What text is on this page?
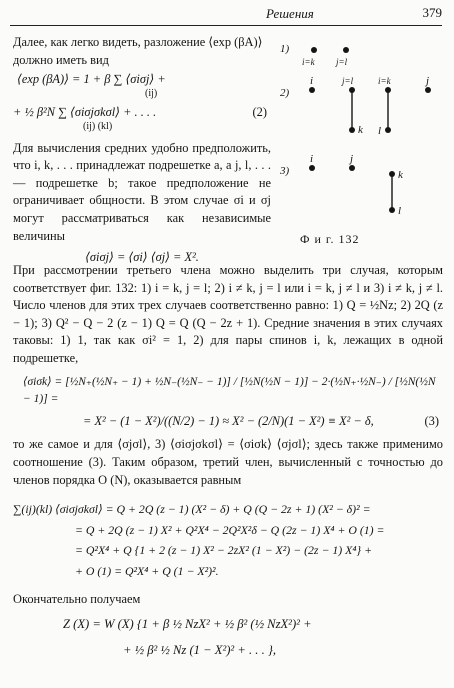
Решения	379

Далее, как легко видеть, разложение ⟨exp (βA)⟩ должно иметь вид

⟨exp (βA)⟩ = 1 + β ∑ ⟨σiσj⟩ +
(ij)
+ ½ β²N ∑ ⟨σiσjσkσl⟩ + . . . .	(2)
(ij) (kl)

Для вычисления средних удобно предположить, что i, k, . . . принадлежат подрешетке a, a j, l, . . . — подрешетке b; такое предположение не ограничивает общности. В этом случае σi и σj могут рассматриваться как независимые величины

⟨σiσj⟩ = ⟨σi⟩ ⟨σj⟩ = X².
1)
i=k j=l
2)
i	j=l
k
i=k	j
l
3)
i	j
k
l
Ф и г. 132

При рассмотрении третьего члена можно выделить три случая, которым соответствует фиг. 132: 1) i = k, j = l; 2) i ≠ k, j = l или i = k, j ≠ l и 3) i ≠ k, j ≠ l. Число членов для этих трех случаев соответственно равно: 1) Q = ½Nz; 2) 2Q (z − 1); 3) Q² − Q − 2 (z − 1) Q = Q (Q − 2z + 1). Средние значения в этих случаях таковы: 1) 1, так как σi² = 1, 2) для пары спинов i, k, лежащих в одной подрешетке,

⟨σiσk⟩ = [½N₊(½N₊ − 1) + ½N₋(½N₋ − 1)] / [½N(½N − 1)] − 2·(½N₊·½N₋) / [½N(½N − 1)] =
= X² − (1 − X²)/((N/2) − 1) ≈ X² − (2/N)(1 − X²) ≡ X² − δ,	(3)

то же самое и для ⟨σjσl⟩, 3) ⟨σiσjσkσl⟩ = ⟨σiσk⟩ ⟨σjσl⟩; здесь также применимо соотношение (3). Таким образом, третий член, вычисленный с точностью до членов порядка O (N), оказывается равным

∑(ij)(kl) ⟨σiσjσkσl⟩ = Q + 2Q (z − 1) (X² − δ) + Q (Q − 2z + 1) (X² − δ)² =
= Q + 2Q (z − 1) X² + Q²X⁴ − 2Q²X²δ − Q (2z − 1) X⁴ + O (1) =
= Q²X⁴ + Q {1 + 2 (z − 1) X² − 2zX² (1 − X²) − (2z − 1) X⁴} +
+ O (1) = Q²X⁴ + Q (1 − X²)².

Окончательно получаем

Z (X) = W (X) {1 + β ½ NzX² + ½ β² (½ NzX²)² +
+ ½ β² ½ Nz (1 − X²)² + . . . },
